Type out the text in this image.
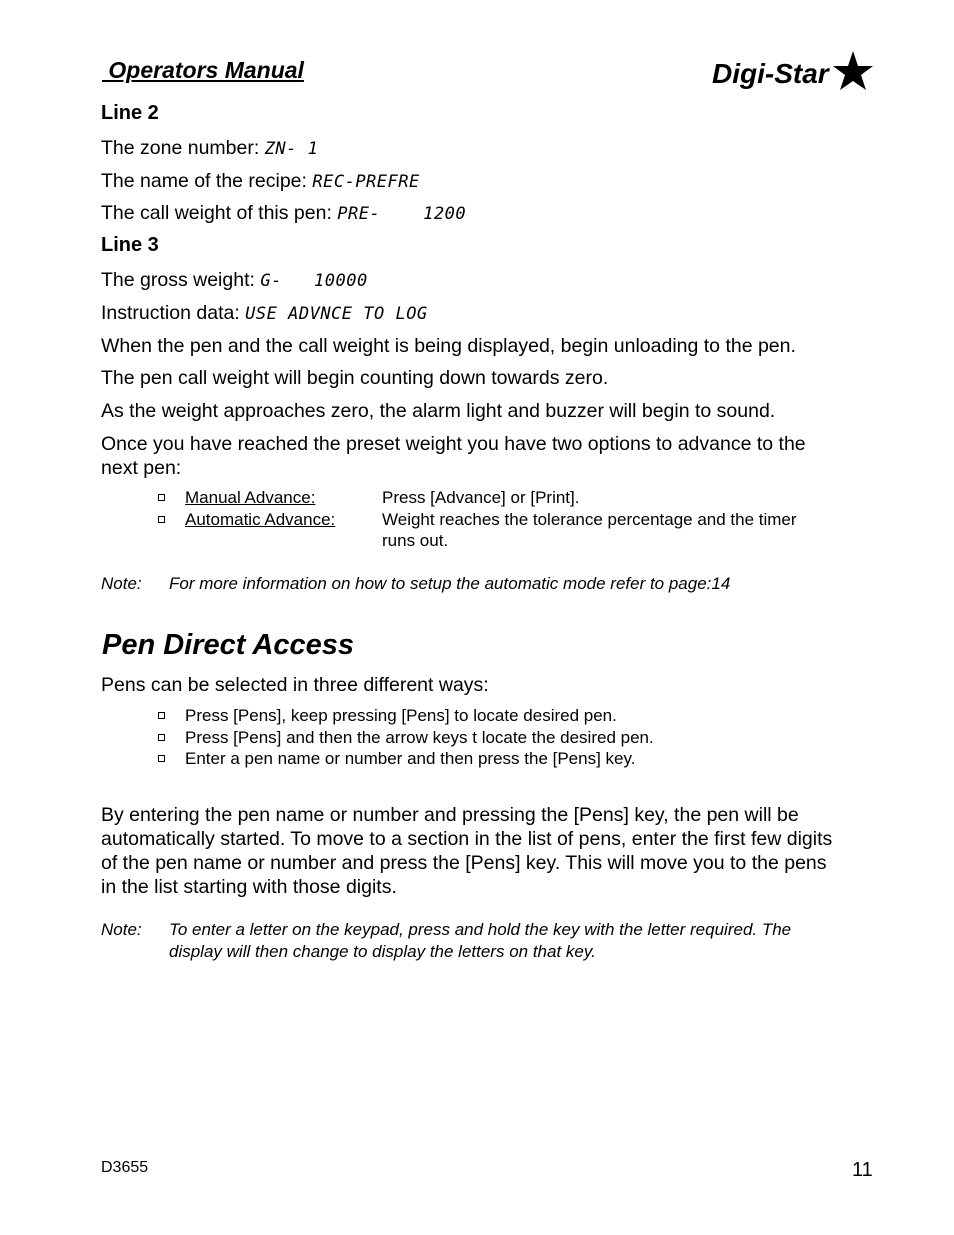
Operators Manual	Digi-Star
Line 2
The zone number: ZN- 1
The name of the recipe: REC-PREFRE
The call weight of this pen: PRE-    1200
Line 3
The gross weight: G-   10000
Instruction data: USE ADVNCE TO LOG
When the pen and the call weight is being displayed, begin unloading to the pen.
The pen call weight will begin counting down towards zero.
As the weight approaches zero, the alarm light and buzzer will begin to sound.
Once you have reached the preset weight you have two options to advance to the next pen:
Manual Advance:	Press [Advance] or [Print].
Automatic Advance:	Weight reaches the tolerance percentage and the timer runs out.
Note: For more information on how to setup the automatic mode refer to page:14
Pen Direct Access
Pens can be selected in three different ways:
Press [Pens], keep pressing [Pens] to locate desired pen.
Press [Pens] and then the arrow keys t locate the desired pen.
Enter a pen name or number and then press the [Pens] key.
By entering the pen name or number and pressing the [Pens] key, the pen will be automatically started. To move to a section in the list of pens, enter the first few digits of the pen name or number and press the [Pens] key. This will move you to the pens in the list starting with those digits.
Note: To enter a letter on the keypad, press and hold the key with the letter required. The display will then change to display the letters on that key.
D3655	11
